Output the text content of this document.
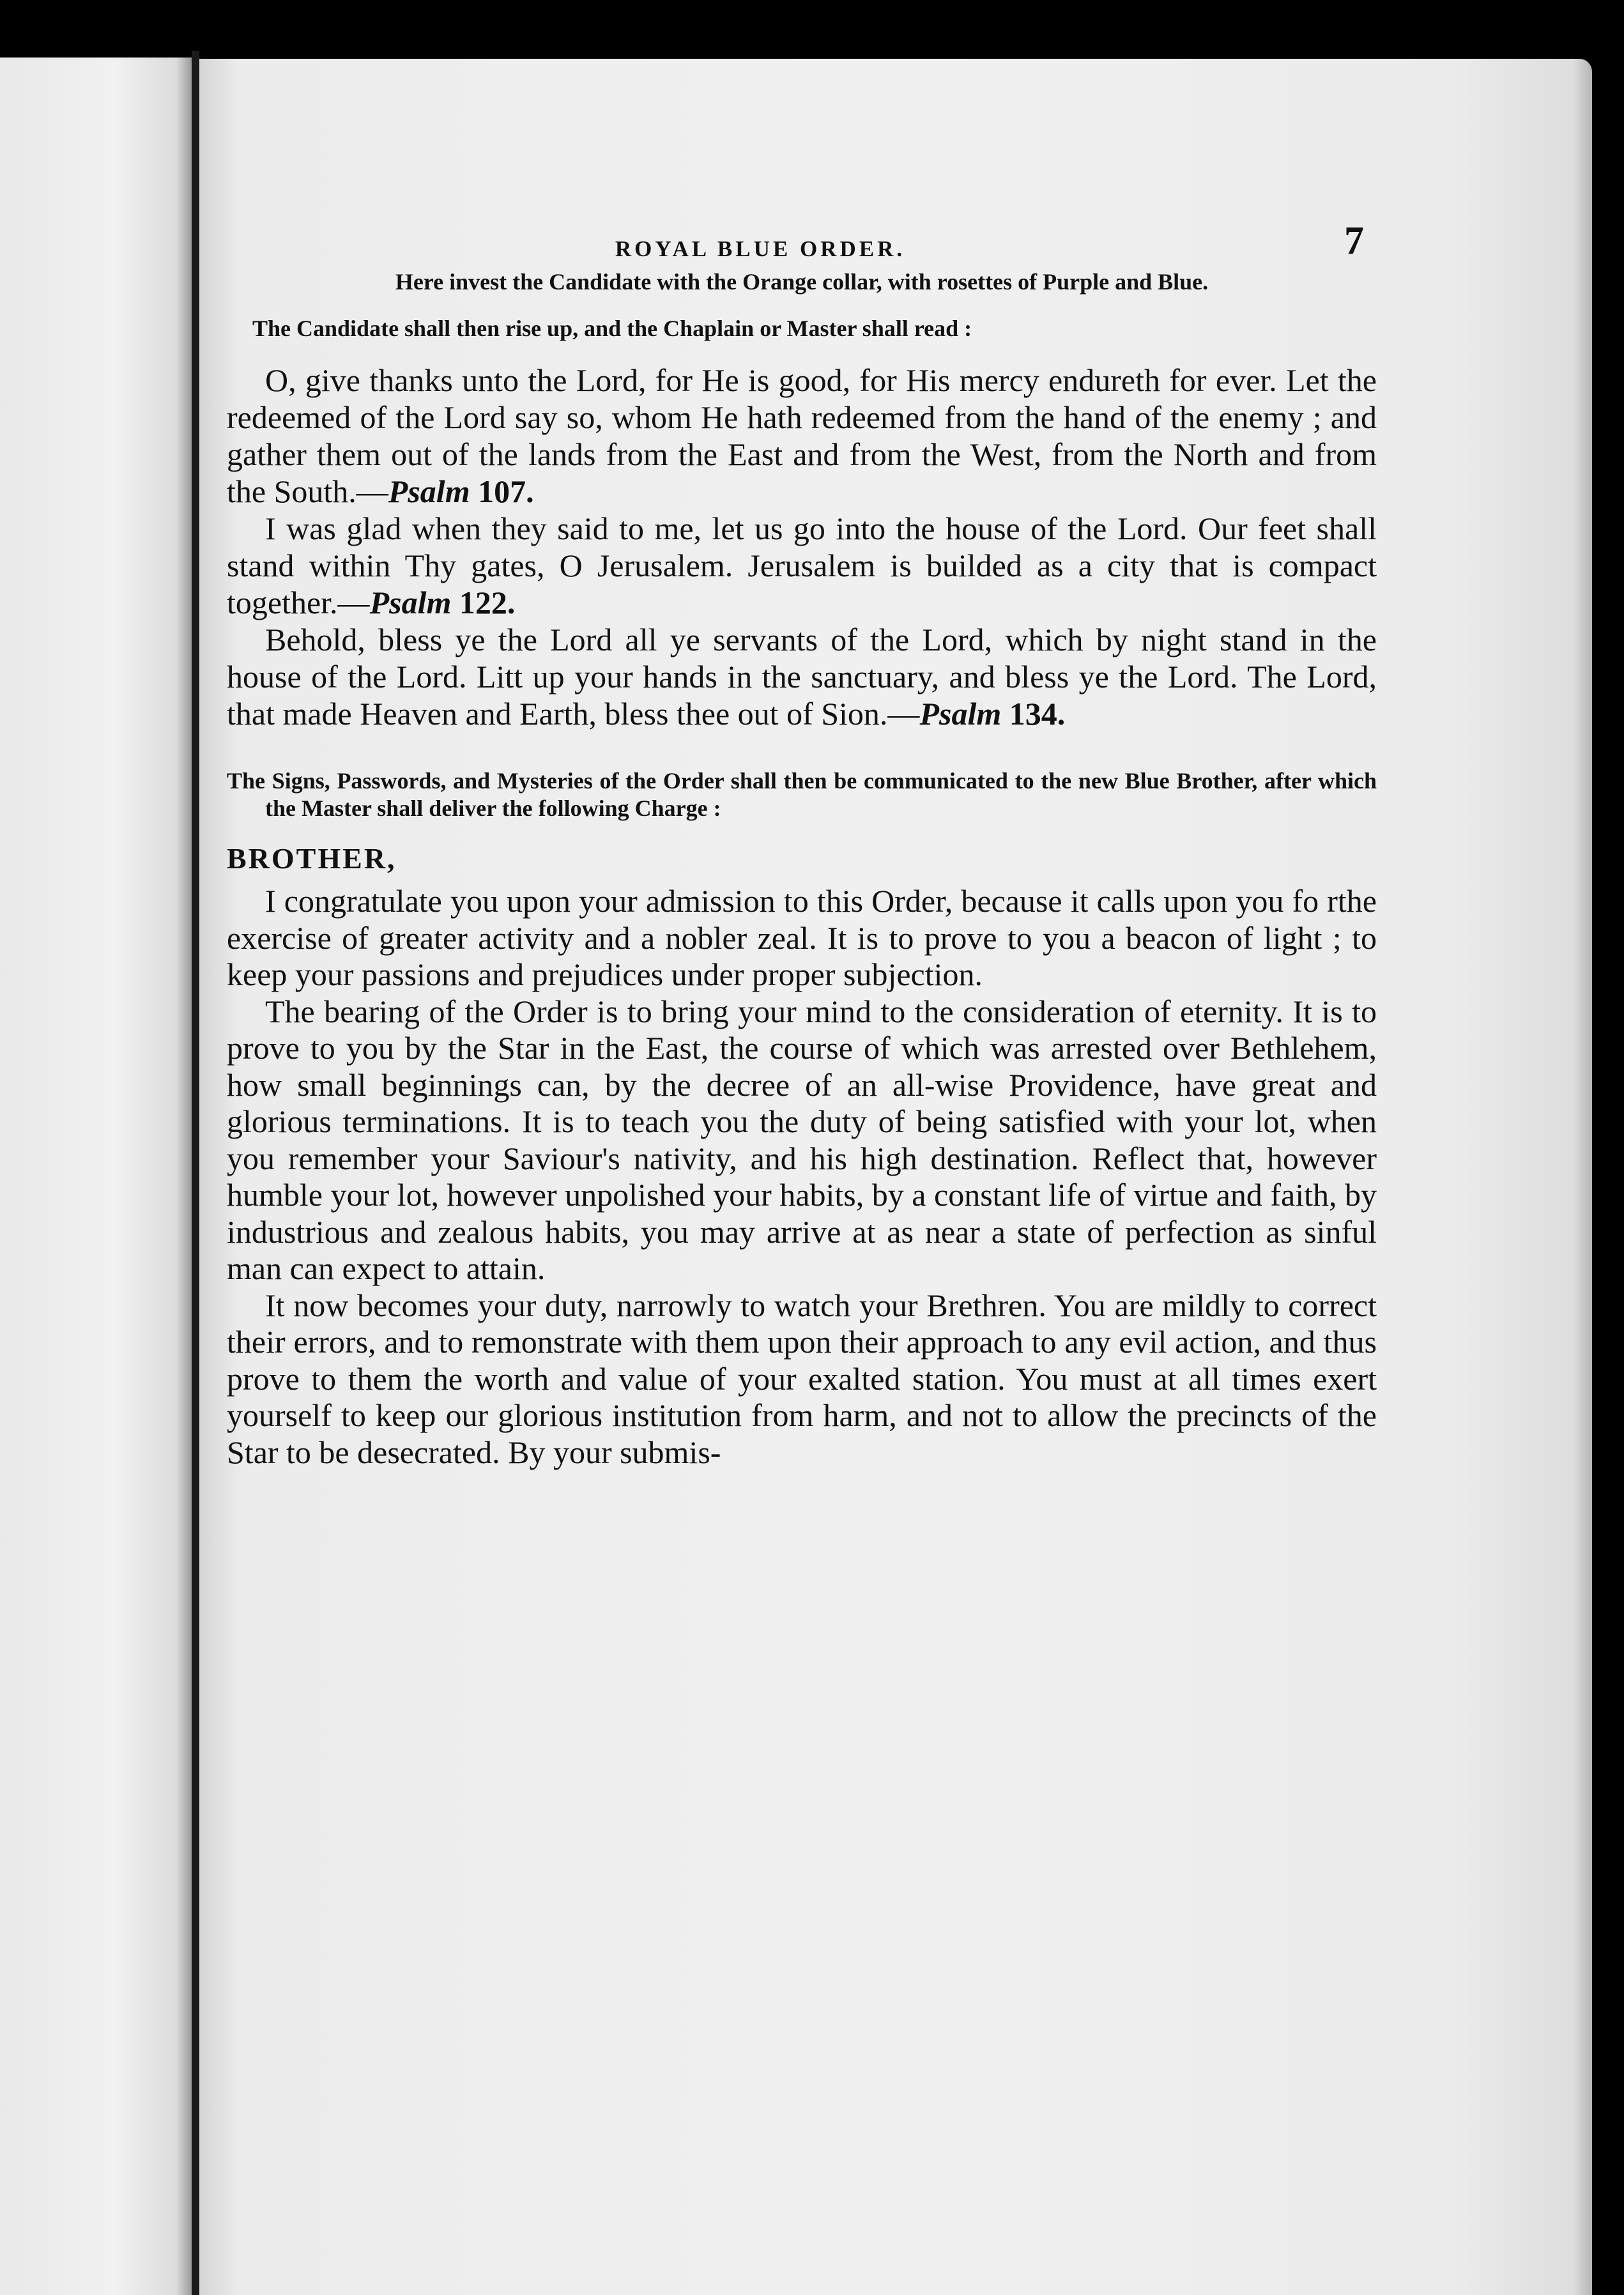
ROYAL BLUE ORDER.	7

Here invest the Candidate with the Orange collar, with rosettes of Purple and Blue.

The Candidate shall then rise up, and the Chaplain or Master shall read :

O, give thanks unto the Lord, for He is good, for His mercy endureth for ever. Let the redeemed of the Lord say so, whom He hath redeemed from the hand of the enemy ; and gather them out of the lands from the East and from the West, from the North and from the South.—Psalm 107.

I was glad when they said to me, let us go into the house of the Lord. Our feet shall stand within Thy gates, O Jerusalem. Jerusalem is builded as a city that is compact together.—Psalm 122.

Behold, bless ye the Lord all ye servants of the Lord, which by night stand in the house of the Lord. Litt up your hands in the sanctuary, and bless ye the Lord. The Lord, that made Heaven and Earth, bless thee out of Sion.—Psalm 134.

The Signs, Passwords, and Mysteries of the Order shall then be communicated to the new Blue Brother, after which the Master shall deliver the following Charge :

BROTHER,

I congratulate you upon your admission to this Order, because it calls upon you fo rthe exercise of greater activity and a nobler zeal. It is to prove to you a beacon of light ; to keep your passions and prejudices under proper subjection.

The bearing of the Order is to bring your mind to the consideration of eternity. It is to prove to you by the Star in the East, the course of which was arrested over Bethlehem, how small beginnings can, by the decree of an all-wise Providence, have great and glorious terminations. It is to teach you the duty of being satisfied with your lot, when you remember your Saviour's nativity, and his high destination. Reflect that, however humble your lot, however unpolished your habits, by a constant life of virtue and faith, by industrious and zealous habits, you may arrive at as near a state of perfection as sinful man can expect to attain.

It now becomes your duty, narrowly to watch your Brethren. You are mildly to correct their errors, and to remonstrate with them upon their approach to any evil action, and thus prove to them the worth and value of your exalted station. You must at all times exert yourself to keep our glorious institution from harm, and not to allow the precincts of the Star to be desecrated. By your submis-
